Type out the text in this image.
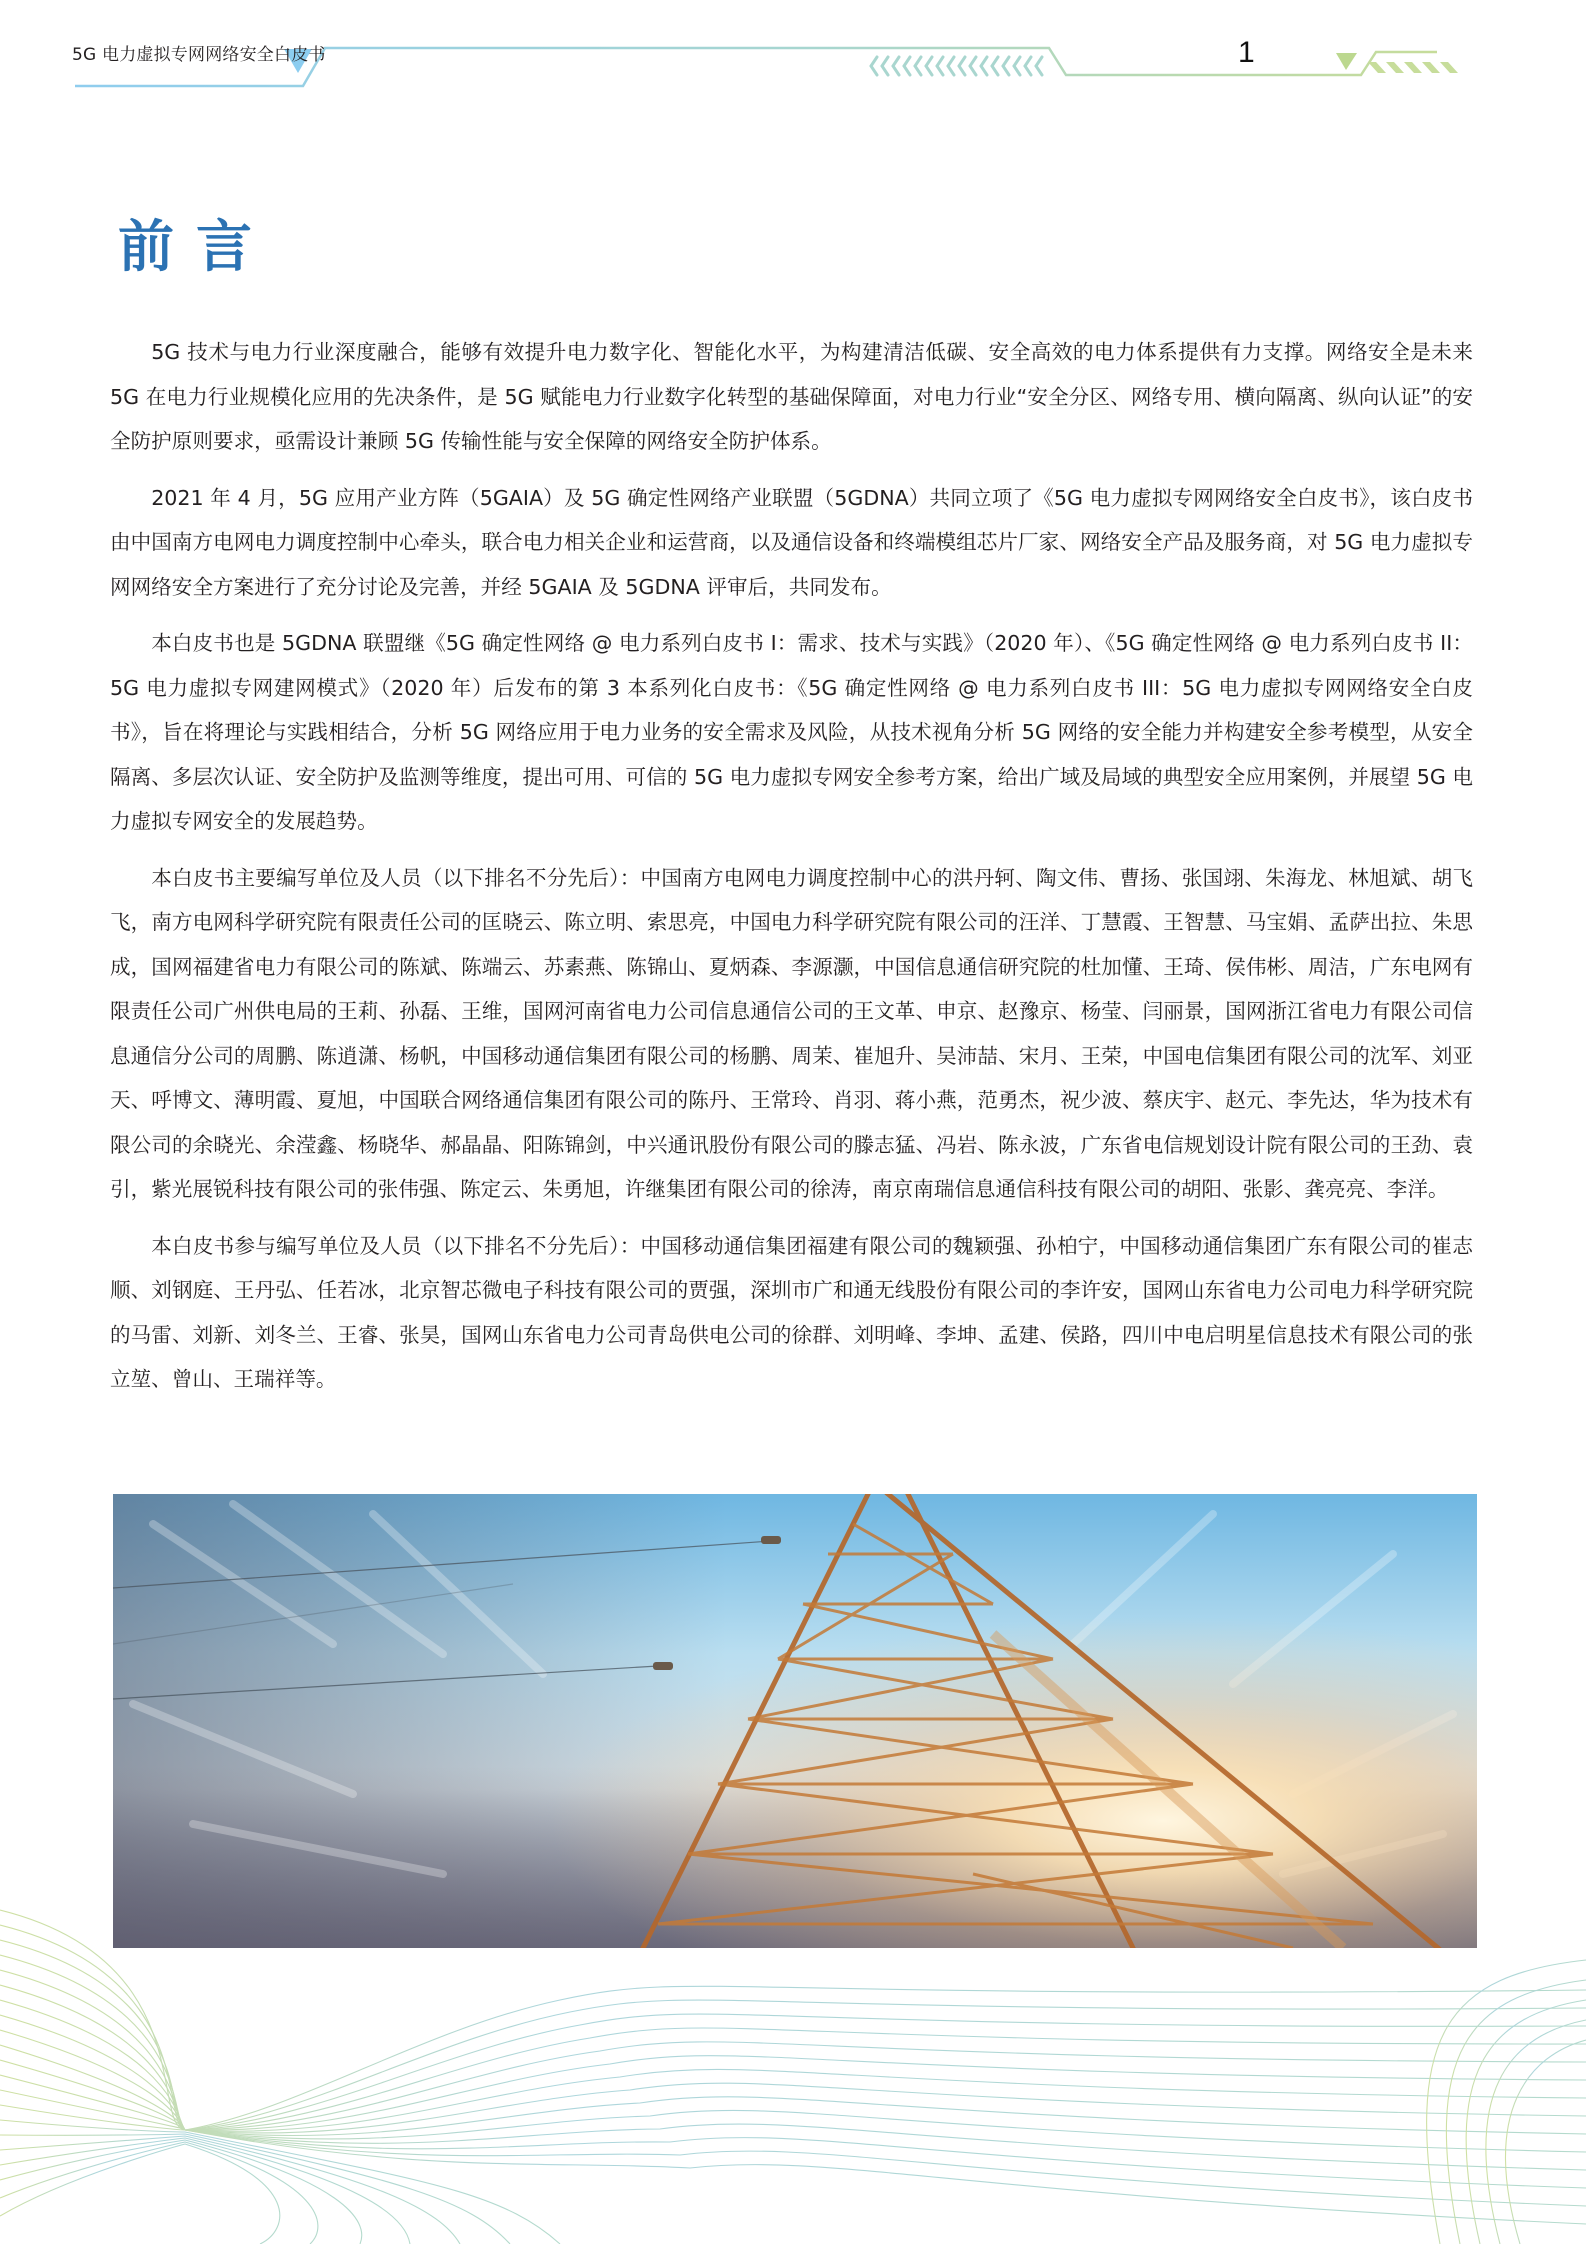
5G 电力虚拟专网网络安全白皮书	1
前言

5G 技术与电力行业深度融合，能够有效提升电力数字化、智能化水平，为构建清洁低碳、安全高效的电力体系提供有力支撑。网络安全是未来 5G 在电力行业规模化应用的先决条件，是 5G 赋能电力行业数字化转型的基础保障面，对电力行业“安全分区、网络专用、横向隔离、纵向认证”的安全防护原则要求，亟需设计兼顾 5G 传输性能与安全保障的网络安全防护体系。

2021 年 4 月，5G 应用产业方阵（5GAIA）及 5G 确定性网络产业联盟（5GDNA）共同立项了《5G 电力虚拟专网网络安全白皮书》，该白皮书由中国南方电网电力调度控制中心牵头，联合电力相关企业和运营商，以及通信设备和终端模组芯片厂家、网络安全产品及服务商，对 5G 电力虚拟专网网络安全方案进行了充分讨论及完善，并经 5GAIA 及 5GDNA 评审后，共同发布。

本白皮书也是 5GDNA 联盟继《5G 确定性网络 @ 电力系列白皮书 I：需求、技术与实践》（2020 年）、《5G 确定性网络 @ 电力系列白皮书 II：5G 电力虚拟专网建网模式》（2020 年）后发布的第 3 本系列化白皮书：《5G 确定性网络 @ 电力系列白皮书 III：5G 电力虚拟专网网络安全白皮书》，旨在将理论与实践相结合，分析 5G 网络应用于电力业务的安全需求及风险，从技术视角分析 5G 网络的安全能力并构建安全参考模型，从安全隔离、多层次认证、安全防护及监测等维度，提出可用、可信的 5G 电力虚拟专网安全参考方案，给出广域及局域的典型安全应用案例，并展望 5G 电力虚拟专网安全的发展趋势。

本白皮书主要编写单位及人员（以下排名不分先后）：中国南方电网电力调度控制中心的洪丹轲、陶文伟、曹扬、张国翊、朱海龙、林旭斌、胡飞飞，南方电网科学研究院有限责任公司的匡晓云、陈立明、索思亮，中国电力科学研究院有限公司的汪洋、丁慧霞、王智慧、马宝娟、孟萨出拉、朱思成，国网福建省电力有限公司的陈斌、陈端云、苏素燕、陈锦山、夏炳森、李源灏，中国信息通信研究院的杜加懂、王琦、侯伟彬、周洁，广东电网有限责任公司广州供电局的王莉、孙磊、王维，国网河南省电力公司信息通信公司的王文革、申京、赵豫京、杨莹、闫丽景，国网浙江省电力有限公司信息通信分公司的周鹏、陈逍潇、杨帆，中国移动通信集团有限公司的杨鹏、周茉、崔旭升、吴沛喆、宋月、王荣，中国电信集团有限公司的沈军、刘亚天、呼博文、薄明霞、夏旭，中国联合网络通信集团有限公司的陈丹、王常玲、肖羽、蒋小燕，范勇杰，祝少波、蔡庆宇、赵元、李先达，华为技术有限公司的余晓光、余滢鑫、杨晓华、郝晶晶、阳陈锦剑，中兴通讯股份有限公司的滕志猛、冯岩、陈永波，广东省电信规划设计院有限公司的王劲、袁引，紫光展锐科技有限公司的张伟强、陈定云、朱勇旭，许继集团有限公司的徐涛，南京南瑞信息通信科技有限公司的胡阳、张影、龚亮亮、李洋。

本白皮书参与编写单位及人员（以下排名不分先后）：中国移动通信集团福建有限公司的魏颖强、孙柏宁，中国移动通信集团广东有限公司的崔志顺、刘钢庭、王丹弘、任若冰，北京智芯微电子科技有限公司的贾强，深圳市广和通无线股份有限公司的李许安，国网山东省电力公司电力科学研究院的马雷、刘新、刘冬兰、王睿、张昊，国网山东省电力公司青岛供电公司的徐群、刘明峰、李坤、孟建、侯路，四川中电启明星信息技术有限公司的张立堃、曾山、王瑞祥等。
